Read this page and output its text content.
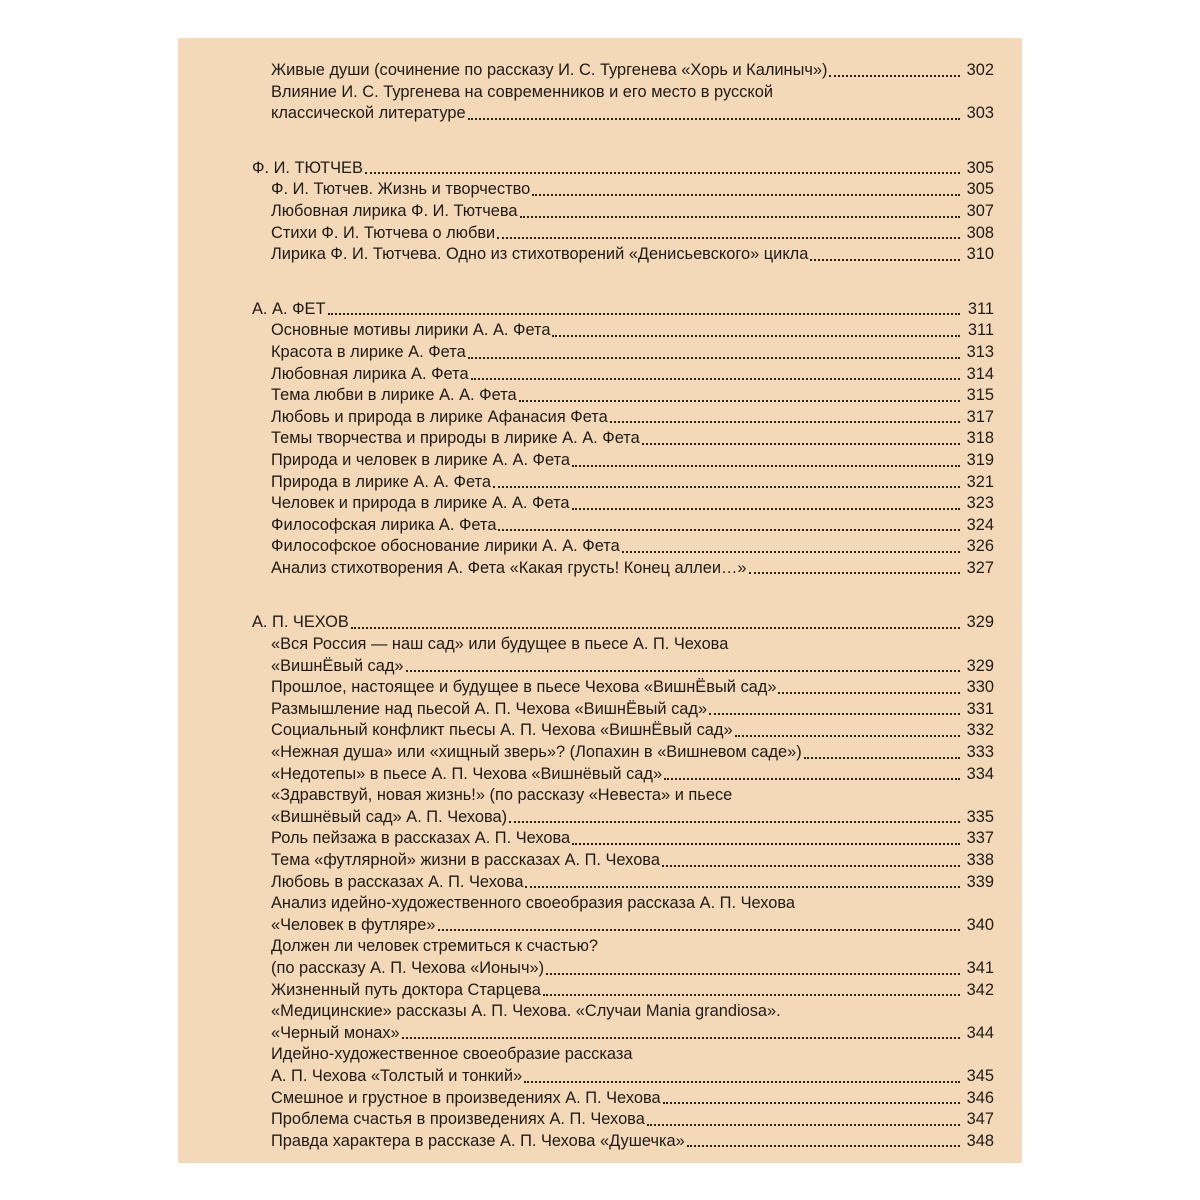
Живые души (сочинение по рассказу И. С. Тургенева «Хорь и Калиныч»)	302
Влияние И. С. Тургенева на современников и его место в русской
классической литературе	303
Ф. И. ТЮТЧЕВ	305
Ф. И. Тютчев. Жизнь и творчество	305
Любовная лирика Ф. И. Тютчева	307
Стихи Ф. И. Тютчева о любви	308
Лирика Ф. И. Тютчева. Одно из стихотворений «Денисьевского» цикла	310
А. А. ФЕТ	311
Основные мотивы лирики А. А. Фета	311
Красота в лирике А. Фета	313
Любовная лирика А. Фета	314
Тема любви в лирике А. А. Фета	315
Любовь и природа в лирике Афанасия Фета	317
Темы творчества и природы в лирике А. А. Фета	318
Природа и человек в лирике А. А. Фета	319
Природа в лирике А. А. Фета	321
Человек и природа в лирике А. А. Фета	323
Философская лирика А. Фета	324
Философское обоснование лирики А. А. Фета	326
Анализ стихотворения А. Фета «Какая грусть! Конец аллеи…»	327
А. П. ЧЕХОВ	329
«Вся Россия — наш сад» или будущее в пьесе А. П. Чехова
«ВишнЁвый сад»	329
Прошлое, настоящее и будущее в пьесе Чехова «ВишнЁвый сад»	330
Размышление над пьесой А. П. Чехова «ВишнЁвый сад»	331
Социальный конфликт пьесы А. П. Чехова «ВишнЁвый сад»	332
«Нежная душа» или «хищный зверь»? (Лопахин в «Вишневом саде»)	333
«Недотепы» в пьесе А. П. Чехова «Вишнёвый сад»	334
«Здравствуй, новая жизнь!» (по рассказу «Невеста» и пьесе
«Вишнёвый сад» А. П. Чехова)	335
Роль пейзажа в рассказах А. П. Чехова	337
Тема «футлярной» жизни в рассказах А. П. Чехова	338
Любовь в рассказах А. П. Чехова	339
Анализ идейно-художественного своеобразия рассказа А. П. Чехова
«Человек в футляре»	340
Должен ли человек стремиться к счастью?
(по рассказу А. П. Чехова «Ионыч»)	341
Жизненный путь доктора Старцева	342
«Медицинские» рассказы А. П. Чехова. «Случаи Mania grandiosa».
«Черный монах»	344
Идейно-художественное своеобразие рассказа
А. П. Чехова «Толстый и тонкий»	345
Смешное и грустное в произведениях А. П. Чехова	346
Проблема счастья в произведениях А. П. Чехова	347
Правда характера в рассказе А. П. Чехова «Душечка»	348
